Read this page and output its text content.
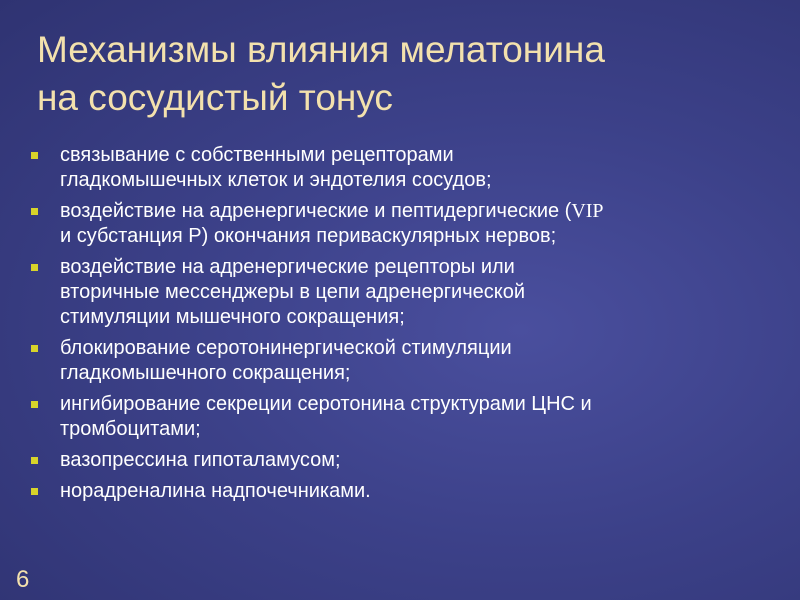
Механизмы влияния мелатонина
на сосудистый тонус
связывание с собственными рецепторами
гладкомышечных клеток и эндотелия сосудов;
воздействие на адренергические и пептидергические (VIP
и субстанция Р) окончания периваскулярных нервов;
воздействие на адренергические рецепторы или
вторичные мессенджеры в цепи адренергической
стимуляции мышечного сокращения;
блокирование серотонинергической стимуляции
гладкомышечного сокращения;
ингибирование секреции серотонина структурами ЦНС и
тромбоцитами;
вазопрессина гипоталамусом;
норадреналина надпочечниками.
6
